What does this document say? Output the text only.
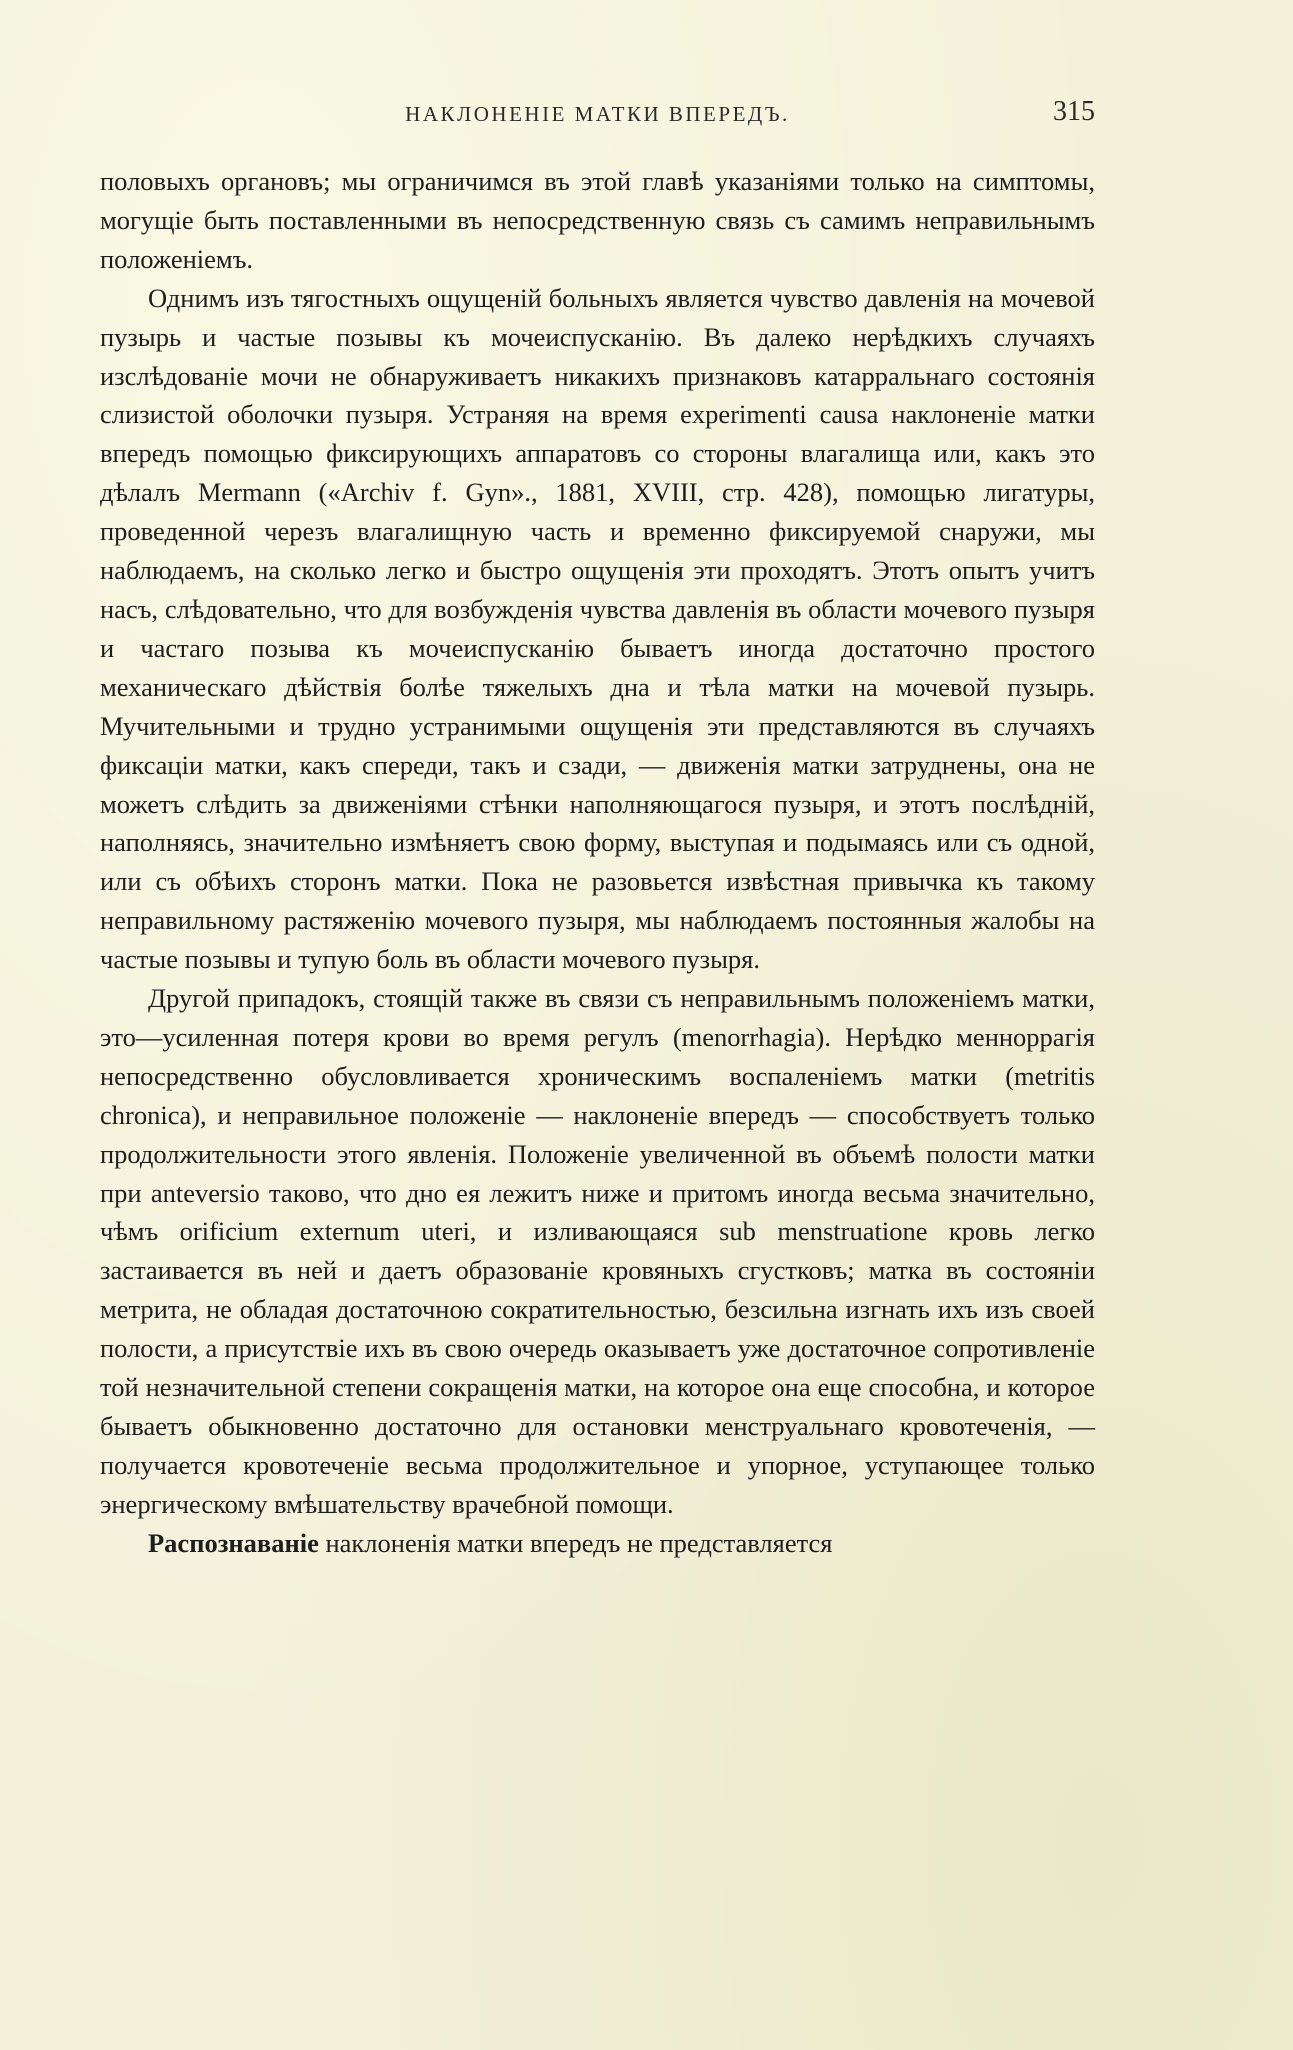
НАКЛОНЕНІЕ МАТКИ ВПЕРЕДЪ.	315

половыхъ органовъ; мы ограничимся въ этой главѣ указаніями только на симптомы, могущіе быть поставленными въ непосредственную связь съ самимъ неправильнымъ положеніемъ.

Однимъ изъ тягостныхъ ощущеній больныхъ является чувство давленія на мочевой пузырь и частые позывы къ мочеиспусканію. Въ далеко нерѣдкихъ случаяхъ изслѣдованіе мочи не обнаруживаетъ никакихъ признаковъ катарральнаго состоянія слизистой оболочки пузыря. Устраняя на время experimenti causa наклоненіе матки впередъ помощью фиксирующихъ аппаратовъ со стороны влагалища или, какъ это дѣлалъ Mermann («Archiv f. Gyn»., 1881, XVIII, стр. 428), помощью лигатуры, проведенной черезъ влагалищную часть и временно фиксируемой снаружи, мы наблюдаемъ, на сколько легко и быстро ощущенія эти проходятъ. Этотъ опытъ учитъ насъ, слѣдовательно, что для возбужденія чувства давленія въ области мочевого пузыря и частаго позыва къ мочеиспусканію бываетъ иногда достаточно простого механическаго дѣйствія болѣе тяжелыхъ дна и тѣла матки на мочевой пузырь. Мучительными и трудно устранимыми ощущенія эти представляются въ случаяхъ фиксаціи матки, какъ спереди, такъ и сзади, — движенія матки затруднены, она не можетъ слѣдить за движеніями стѣнки наполняющагося пузыря, и этотъ послѣдній, наполняясь, значительно измѣняетъ свою форму, выступая и подымаясь или съ одной, или съ обѣихъ сторонъ матки. Пока не разовьется извѣстная привычка къ такому неправильному растяженію мочевого пузыря, мы наблюдаемъ постоянныя жалобы на частые позывы и тупую боль въ области мочевого пузыря.

Другой припадокъ, стоящій также въ связи съ неправильнымъ положеніемъ матки, это—усиленная потеря крови во время регулъ (menorrhagia). Нерѣдко менноррагія непосредственно обусловливается хроническимъ воспаленіемъ матки (metritis chronica), и неправильное положеніе — наклоненіе впередъ — способствуетъ только продолжительности этого явленія. Положеніе увеличенной въ объемѣ полости матки при anteversio таково, что дно ея лежитъ ниже и притомъ иногда весьма значительно, чѣмъ orificium externum uteri, и изливающаяся sub menstruatione кровь легко застаивается въ ней и даетъ образованіе кровяныхъ сгустковъ; матка въ состояніи метрита, не обладая достаточною сократительностью, безсильна изгнать ихъ изъ своей полости, а присутствіе ихъ въ свою очередь оказываетъ уже достаточное сопротивленіе той незначительной степени сокращенія матки, на которое она еще способна, и которое бываетъ обыкновенно достаточно для остановки менструальнаго кровотеченія, — получается кровотеченіе весьма продолжительное и упорное, уступающее только энергическому вмѣшательству врачебной помощи.

Распознаваніе наклоненія матки впередъ не представляется
